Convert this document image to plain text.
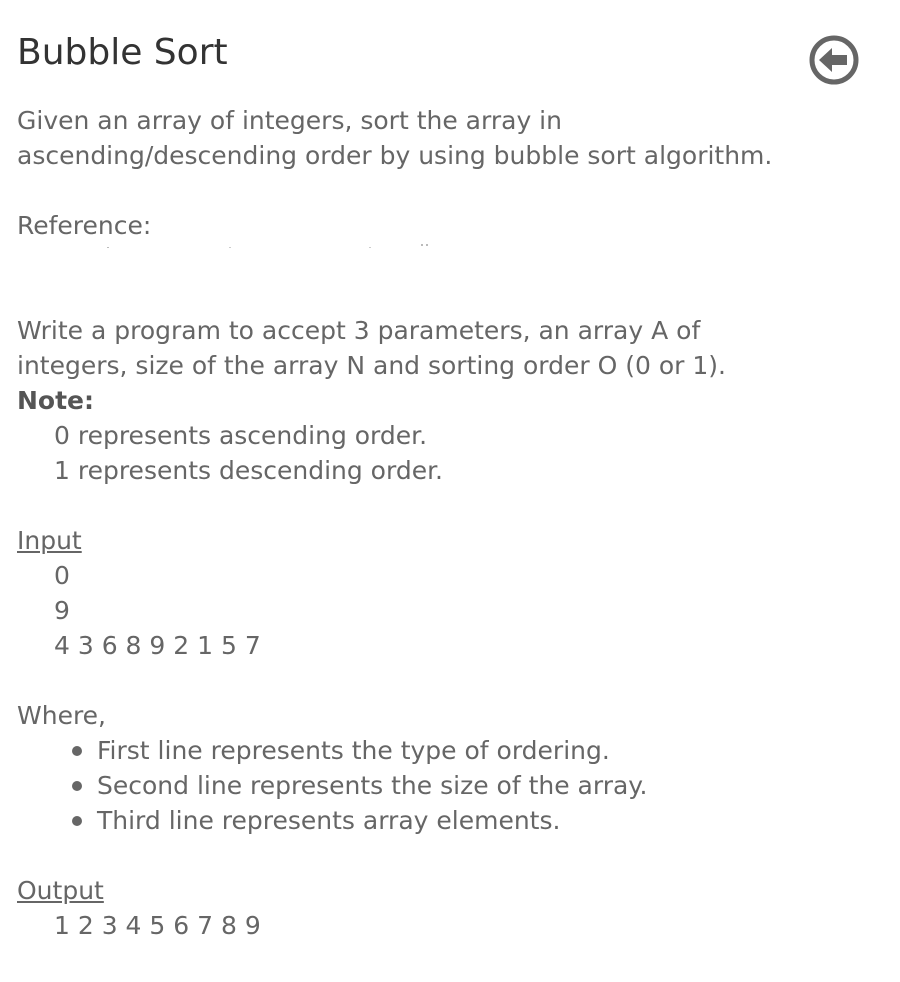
Bubble Sort
Given an array of integers, sort the array in
ascending/descending order by using bubble sort algorithm.
Reference:
Write a program to accept 3 parameters, an array A of
integers, size of the array N and sorting order O (0 or 1).
Note:
0 represents ascending order.
1 represents descending order.
Input
0
9
4 3 6 8 9 2 1 5 7
Where,
First line represents the type of ordering.
Second line represents the size of the array.
Third line represents array elements.
Output
1 2 3 4 5 6 7 8 9
